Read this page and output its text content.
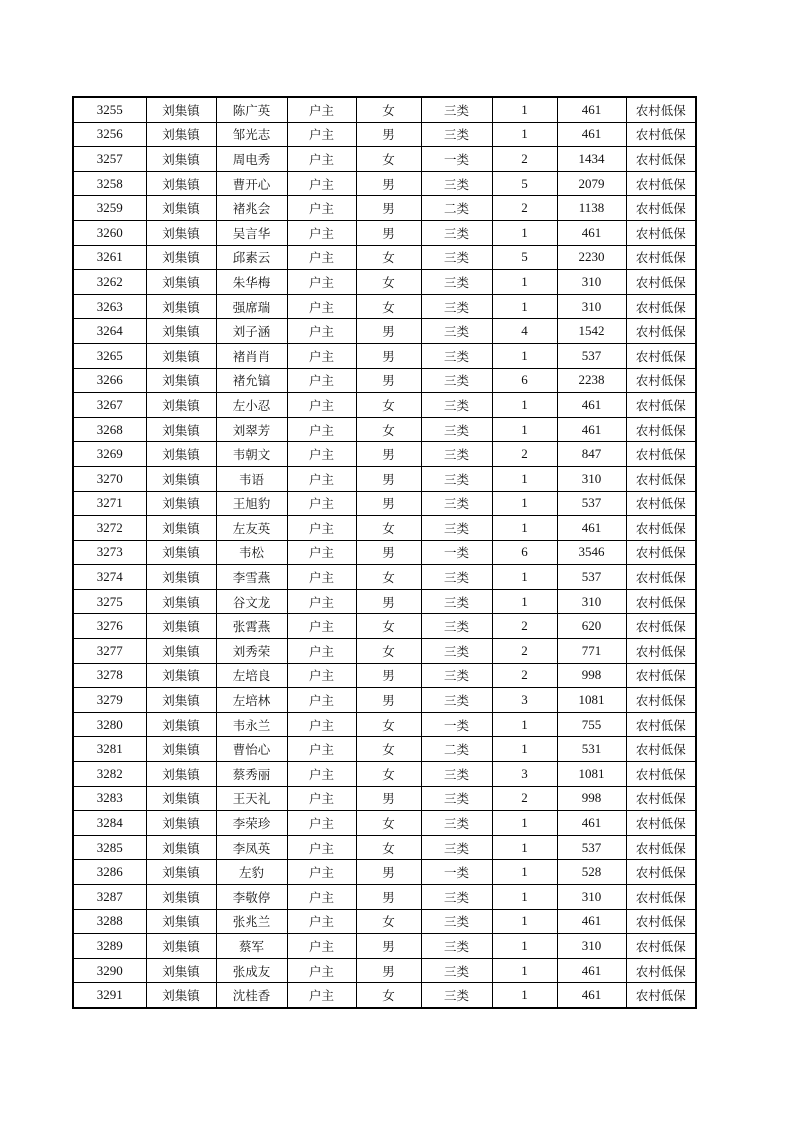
3255	刘集镇	陈广英	户主	女	三类	1	461	农村低保
3256	刘集镇	邹光志	户主	男	三类	1	461	农村低保
3257	刘集镇	周电秀	户主	女	一类	2	1434	农村低保
3258	刘集镇	曹开心	户主	男	三类	5	2079	农村低保
3259	刘集镇	褚兆会	户主	男	二类	2	1138	农村低保
3260	刘集镇	吴言华	户主	男	三类	1	461	农村低保
3261	刘集镇	邱素云	户主	女	三类	5	2230	农村低保
3262	刘集镇	朱华梅	户主	女	三类	1	310	农村低保
3263	刘集镇	强席瑞	户主	女	三类	1	310	农村低保
3264	刘集镇	刘子涵	户主	男	三类	4	1542	农村低保
3265	刘集镇	褚肖肖	户主	男	三类	1	537	农村低保
3266	刘集镇	褚允镐	户主	男	三类	6	2238	农村低保
3267	刘集镇	左小忍	户主	女	三类	1	461	农村低保
3268	刘集镇	刘翠芳	户主	女	三类	1	461	农村低保
3269	刘集镇	韦朝文	户主	男	三类	2	847	农村低保
3270	刘集镇	韦语	户主	男	三类	1	310	农村低保
3271	刘集镇	王旭豹	户主	男	三类	1	537	农村低保
3272	刘集镇	左友英	户主	女	三类	1	461	农村低保
3273	刘集镇	韦松	户主	男	一类	6	3546	农村低保
3274	刘集镇	李雪燕	户主	女	三类	1	537	农村低保
3275	刘集镇	谷文龙	户主	男	三类	1	310	农村低保
3276	刘集镇	张霄燕	户主	女	三类	2	620	农村低保
3277	刘集镇	刘秀荣	户主	女	三类	2	771	农村低保
3278	刘集镇	左培良	户主	男	三类	2	998	农村低保
3279	刘集镇	左培林	户主	男	三类	3	1081	农村低保
3280	刘集镇	韦永兰	户主	女	一类	1	755	农村低保
3281	刘集镇	曹怡心	户主	女	二类	1	531	农村低保
3282	刘集镇	蔡秀丽	户主	女	三类	3	1081	农村低保
3283	刘集镇	王天礼	户主	男	三类	2	998	农村低保
3284	刘集镇	李荣珍	户主	女	三类	1	461	农村低保
3285	刘集镇	李凤英	户主	女	三类	1	537	农村低保
3286	刘集镇	左豹	户主	男	一类	1	528	农村低保
3287	刘集镇	李敬停	户主	男	三类	1	310	农村低保
3288	刘集镇	张兆兰	户主	女	三类	1	461	农村低保
3289	刘集镇	蔡军	户主	男	三类	1	310	农村低保
3290	刘集镇	张成友	户主	男	三类	1	461	农村低保
3291	刘集镇	沈桂香	户主	女	三类	1	461	农村低保
